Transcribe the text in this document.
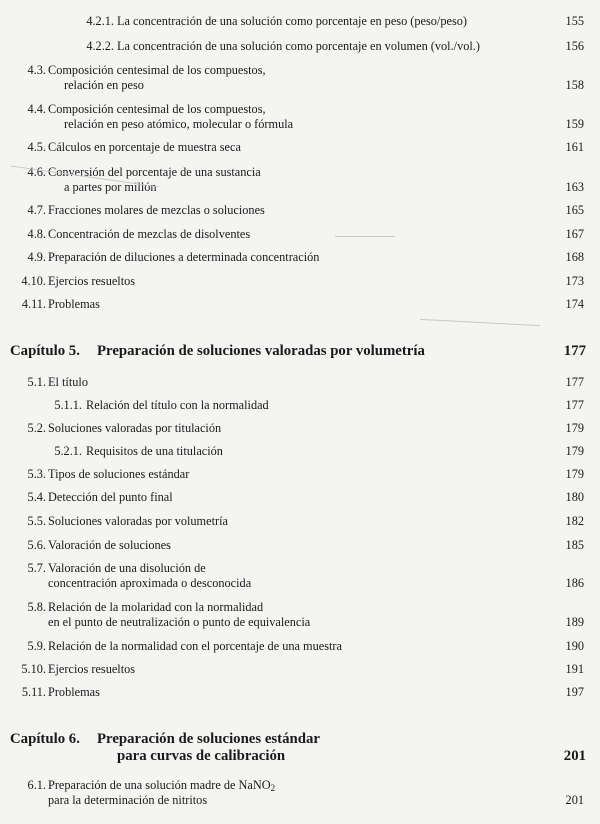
4.2.1. La concentración de una solución como porcentaje en peso (peso/peso)	155
4.2.2. La concentración de una solución como porcentaje en volumen (vol./vol.)	156
4.3. Composición centesimal de los compuestos,
relación en peso	158
4.4. Composición centesimal de los compuestos,
relación en peso atómico, molecular o fórmula	159
4.5. Cálculos en porcentaje de muestra seca	161
4.6. Conversión del porcentaje de una sustancia
a partes por millón	163
4.7. Fracciones molares de mezclas o soluciones	165
4.8. Concentración de mezclas de disolventes	167
4.9. Preparación de diluciones a determinada concentración	168
4.10. Ejercios resueltos	173
4.11. Problemas	174
Capítulo 5. Preparación de soluciones valoradas por volumetría	177
5.1. El título	177
5.1.1. Relación del título con la normalidad	177
5.2. Soluciones valoradas por titulación	179
5.2.1. Requisitos de una titulación	179
5.3. Tipos de soluciones estándar	179
5.4. Detección del punto final	180
5.5. Soluciones valoradas por volumetría	182
5.6. Valoración de soluciones	185
5.7. Valoración de una disolución de
concentración aproximada o desconocida	186
5.8. Relación de la molaridad con la normalidad
en el punto de neutralización o punto de equivalencia	189
5.9. Relación de la normalidad con el porcentaje de una muestra	190
5.10. Ejercios resueltos	191
5.11. Problemas	197
Capítulo 6. Preparación de soluciones estándar
para curvas de calibración	201
6.1. Preparación de una solución madre de NaNO$_2$
para la determinación de nitritos	201
